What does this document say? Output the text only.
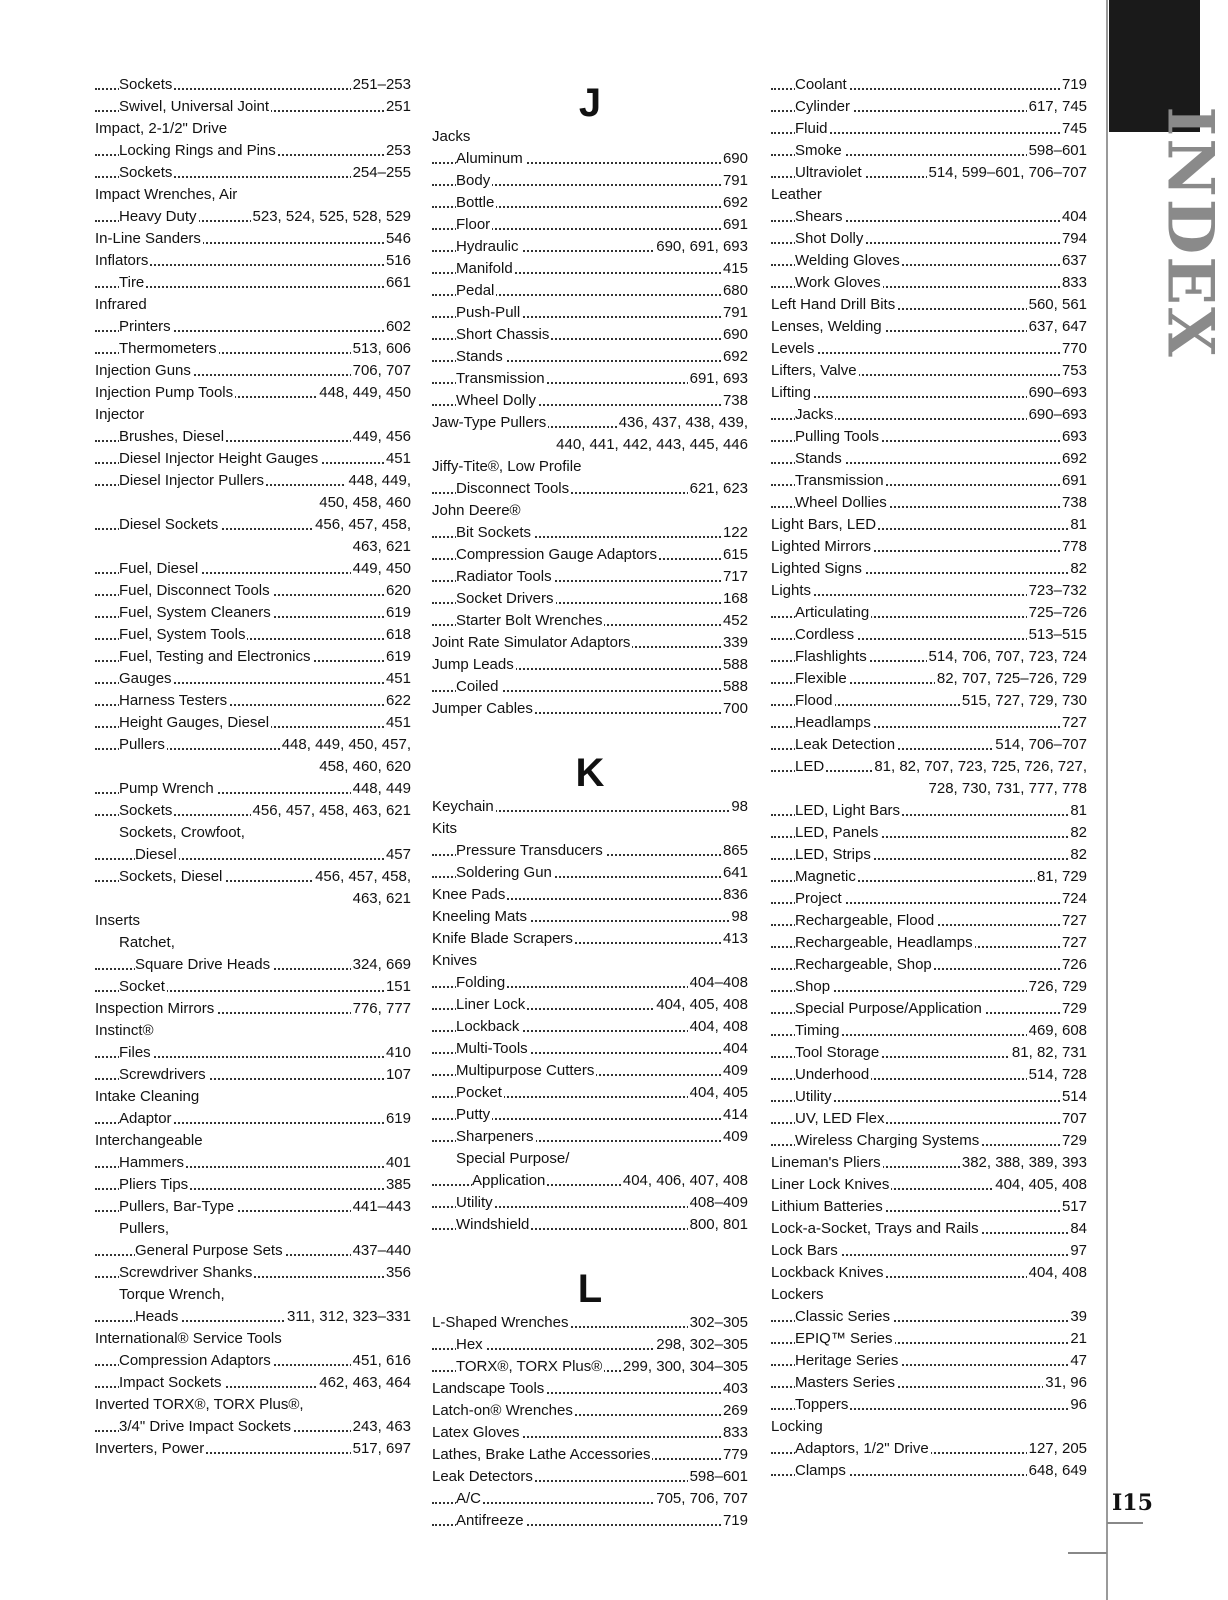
Sockets	251–253
Swivel, Universal Joint	251
Impact, 2-1/2" Drive
Locking Rings and Pins	253
Sockets	254–255
Impact Wrenches, Air
Heavy Duty	523, 524, 525, 528, 529
In-Line Sanders	546
Inflators	516
Tire	661
Infrared
Printers	602
Thermometers	513, 606
Injection Guns	706, 707
Injection Pump Tools	448, 449, 450
Injector
Brushes, Diesel	449, 456
Diesel Injector Height Gauges	451
Diesel Injector Pullers	448, 449,
450, 458, 460
Diesel Sockets	456, 457, 458,
463, 621
Fuel, Diesel	449, 450
Fuel, Disconnect Tools	620
Fuel, System Cleaners	619
Fuel, System Tools	618
Fuel, Testing and Electronics	619
Gauges	451
Harness Testers	622
Height Gauges, Diesel	451
Pullers	448, 449, 450, 457,
458, 460, 620
Pump Wrench	448, 449
Sockets	456, 457, 458, 463, 621
Sockets, Crowfoot,
Diesel	457
Sockets, Diesel	456, 457, 458,
463, 621
Inserts
Ratchet,
Square Drive Heads	324, 669
Socket	151
Inspection Mirrors	776, 777
Instinct®
Files	410
Screwdrivers	107
Intake Cleaning
Adaptor	619
Interchangeable
Hammers	401
Pliers Tips	385
Pullers, Bar-Type	441–443
Pullers,
General Purpose Sets	437–440
Screwdriver Shanks	356
Torque Wrench,
Heads	311, 312, 323–331
International® Service Tools
Compression Adaptors	451, 616
Impact Sockets	462, 463, 464
Inverted TORX®, TORX Plus®,
3/4" Drive Impact Sockets	243, 463
Inverters, Power	517, 697
J
Jacks
Aluminum	690
Body	791
Bottle	692
Floor	691
Hydraulic	690, 691, 693
Manifold	415
Pedal	680
Push-Pull	791
Short Chassis	690
Stands	692
Transmission	691, 693
Wheel Dolly	738
Jaw-Type Pullers	436, 437, 438, 439,
440, 441, 442, 443, 445, 446
Jiffy-Tite®, Low Profile
Disconnect Tools	621, 623
John Deere®
Bit Sockets	122
Compression Gauge Adaptors	615
Radiator Tools	717
Socket Drivers	168
Starter Bolt Wrenches	452
Joint Rate Simulator Adaptors	339
Jump Leads	588
Coiled	588
Jumper Cables	700
K
Keychain	98
Kits
Pressure Transducers	865
Soldering Gun	641
Knee Pads	836
Kneeling Mats	98
Knife Blade Scrapers	413
Knives
Folding	404–408
Liner Lock	404, 405, 408
Lockback	404, 408
Multi-Tools	404
Multipurpose Cutters	409
Pocket	404, 405
Putty	414
Sharpeners	409
Special Purpose/
Application	404, 406, 407, 408
Utility	408–409
Windshield	800, 801
L
L-Shaped Wrenches	302–305
Hex	298, 302–305
TORX®, TORX Plus® 299, 300, 304–305
Landscape Tools	403
Latch-on® Wrenches	269
Latex Gloves	833
Lathes, Brake Lathe Accessories	779
Leak Detectors	598–601
A/C	705, 706, 707
Antifreeze	719
Coolant	719
Cylinder	617, 745
Fluid	745
Smoke	598–601
Ultraviolet	514, 599–601, 706–707
Leather
Shears	404
Shot Dolly	794
Welding Gloves	637
Work Gloves	833
Left Hand Drill Bits	560, 561
Lenses, Welding	637, 647
Levels	770
Lifters, Valve	753
Lifting	690–693
Jacks	690–693
Pulling Tools	693
Stands	692
Transmission	691
Wheel Dollies	738
Light Bars, LED	81
Lighted Mirrors	778
Lighted Signs	82
Lights	723–732
Articulating	725–726
Cordless	513–515
Flashlights	514, 706, 707, 723, 724
Flexible	82, 707, 725–726, 729
Flood	515, 727, 729, 730
Headlamps	727
Leak Detection	514, 706–707
LED	81, 82, 707, 723, 725, 726, 727,
728, 730, 731, 777, 778
LED, Light Bars	81
LED, Panels	82
LED, Strips	82
Magnetic	81, 729
Project	724
Rechargeable, Flood	727
Rechargeable, Headlamps	727
Rechargeable, Shop	726
Shop	726, 729
Special Purpose/Application	729
Timing	469, 608
Tool Storage	81, 82, 731
Underhood	514, 728
Utility	514
UV, LED Flex	707
Wireless Charging Systems	729
Lineman's Pliers	382, 388, 389, 393
Liner Lock Knives	404, 405, 408
Lithium Batteries	517
Lock-a-Socket, Trays and Rails	84
Lock Bars	97
Lockback Knives	404, 408
Lockers
Classic Series	39
EPIQ™ Series	21
Heritage Series	47
Masters Series	31, 96
Toppers	96
Locking
Adaptors, 1/2" Drive	127, 205
Clamps	648, 649
INDEX
I15
